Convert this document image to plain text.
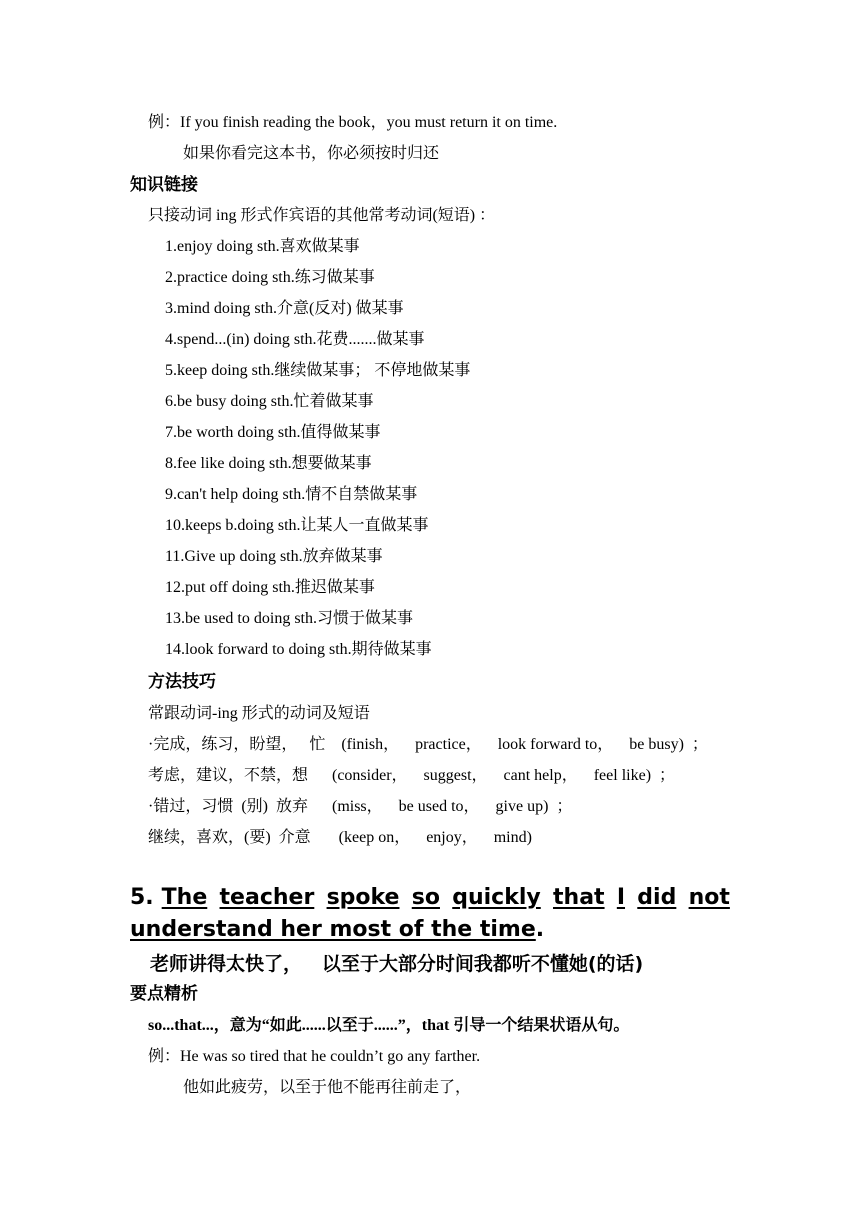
例：If you finish reading the book，you must return it on time.
如果你看完这本书，你必须按时归还
知识链接
只接动词 ing 形式作宾语的其他常考动词(短语) ：
1.enjoy doing sth.喜欢做某事
2.practice doing sth.练习做某事
3.mind doing sth.介意(反对) 做某事
4.spend...(in) doing sth.花费.......做某事
5.keep doing sth.继续做某事； 不停地做某事
6.be busy doing sth.忙着做某事
7.be worth doing sth.值得做某事
8.fee like doing sth.想要做某事
9.can't help doing sth.情不自禁做某事
10.keeps b.doing sth.让某人一直做某事
11.Give up doing sth.放弃做某事
12.put off doing sth.推迟做某事
13.be used to doing sth.习惯于做某事
14.look forward to doing sth.期待做某事
方法技巧
常跟动词-ing 形式的动词及短语
·完成，练习，盼望，   忙    (finish，    practice，    look forward to，    be busy)  ；
考虑，建议，不禁，想      (consider，    suggest，    cant help，    feel like)  ；
·错过，习惯  (别)  放弃      (miss，    be used to，    give up)  ；
继续，喜欢，(要)  介意       (keep on，    enjoy，    mind)
5. The teacher spoke so quickly that I did not
understand her most of the time.
老师讲得太快了，   以至于大部分时间我都听不懂她(的话)
要点精析
so...that...，意为“如此......以至于......”，that 引导一个结果状语从句。
例：He was so tired that he couldn’t go any farther.
他如此疲劳，以至于他不能再往前走了，
